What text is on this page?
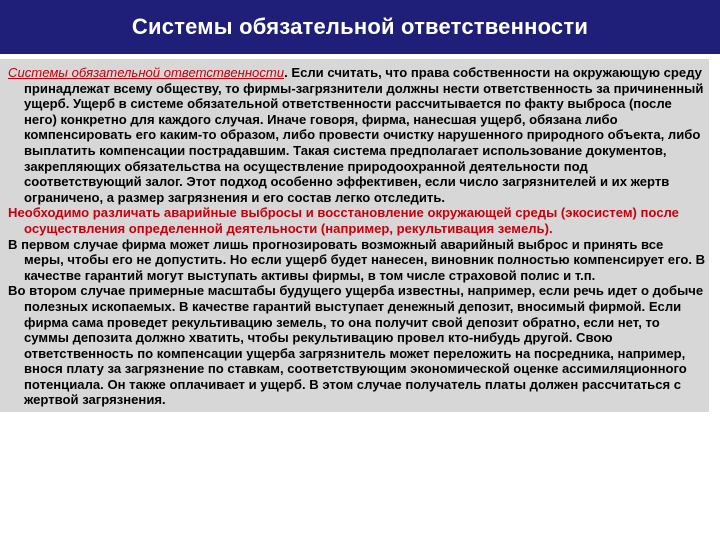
Системы обязательной ответственности

Системы обязательной ответственности. Если считать, что права собственности на окружающую среду принадлежат всему обществу, то фирмы-загрязнители должны нести ответственность за причиненный ущерб. Ущерб в системе обязательной ответственности рассчитывается по факту выброса (после него) конкретно для каждого случая. Иначе говоря, фирма, нанесшая ущерб, обязана либо компенсировать его каким-то образом, либо провести очистку нарушенного природного объекта, либо выплатить компенсации пострадавшим. Такая система предполагает использование документов, закрепляющих обязательства на осуществление природоохранной деятельности под соответствующий залог. Этот подход особенно эффективен, если число загрязнителей и их жертв ограничено, а размер загрязнения и его состав легко отследить.

Необходимо различать аварийные выбросы и восстановление окружающей среды (экосистем) после осуществления определенной деятельности (например, рекультивация земель).

В первом случае фирма может лишь прогнозировать возможный аварийный выброс и принять все меры, чтобы его не допустить. Но если ущерб будет нанесен, виновник полностью компенсирует его. В качестве гарантий могут выступать активы фирмы, в том числе страховой полис и т.п.

Во втором случае примерные масштабы будущего ущерба известны, например, если речь идет о добыче полезных ископаемых. В качестве гарантий выступает денежный депозит, вносимый фирмой. Если фирма сама проведет рекультивацию земель, то она получит свой депозит обратно, если нет, то суммы депозита должно хватить, чтобы рекультивацию провел кто-нибудь другой. Свою ответственность по компенсации ущерба загрязнитель может переложить на посредника, например, внося плату за загрязнение по ставкам, соответствующим экономической оценке ассимиляционного потенциала. Он также оплачивает и ущерб. В этом случае получатель платы должен рассчитаться с жертвой загрязнения.
